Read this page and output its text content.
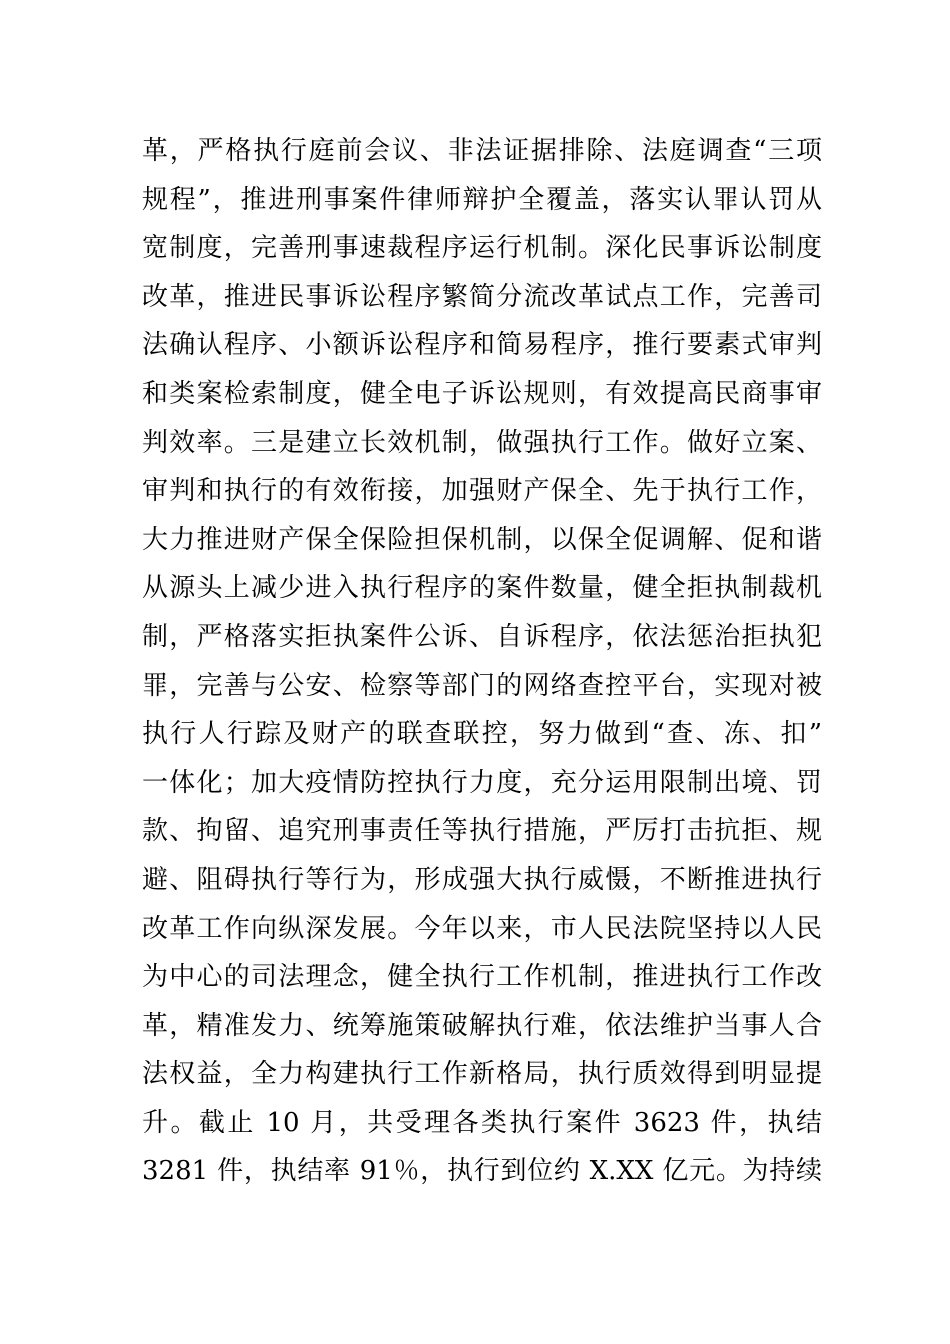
革，严格执行庭前会议、非法证据排除、法庭调查“三项
规程”，推进刑事案件律师辩护全覆盖，落实认罪认罚从
宽制度，完善刑事速裁程序运行机制。深化民事诉讼制度
改革，推进民事诉讼程序繁简分流改革试点工作，完善司
法确认程序、小额诉讼程序和简易程序，推行要素式审判
和类案检索制度，健全电子诉讼规则，有效提高民商事审
判效率。三是建立长效机制，做强执行工作。做好立案、
审判和执行的有效衔接，加强财产保全、先于执行工作，
大力推进财产保全保险担保机制，以保全促调解、促和谐
从源头上减少进入执行程序的案件数量，健全拒执制裁机
制，严格落实拒执案件公诉、自诉程序，依法惩治拒执犯
罪，完善与公安、检察等部门的网络查控平台，实现对被
执行人行踪及财产的联查联控，努力做到“查、冻、扣”
一体化；加大疫情防控执行力度，充分运用限制出境、罚
款、拘留、追究刑事责任等执行措施，严厉打击抗拒、规
避、阻碍执行等行为，形成强大执行威慑，不断推进执行
改革工作向纵深发展。今年以来，市人民法院坚持以人民
为中心的司法理念，健全执行工作机制，推进执行工作改
革，精准发力、统筹施策破解执行难，依法维护当事人合
法权益，全力构建执行工作新格局，执行质效得到明显提
升。截止 10 月，共受理各类执行案件 3623 件，执结
3281 件，执结率 91％，执行到位约 X.XX 亿元。为持续
